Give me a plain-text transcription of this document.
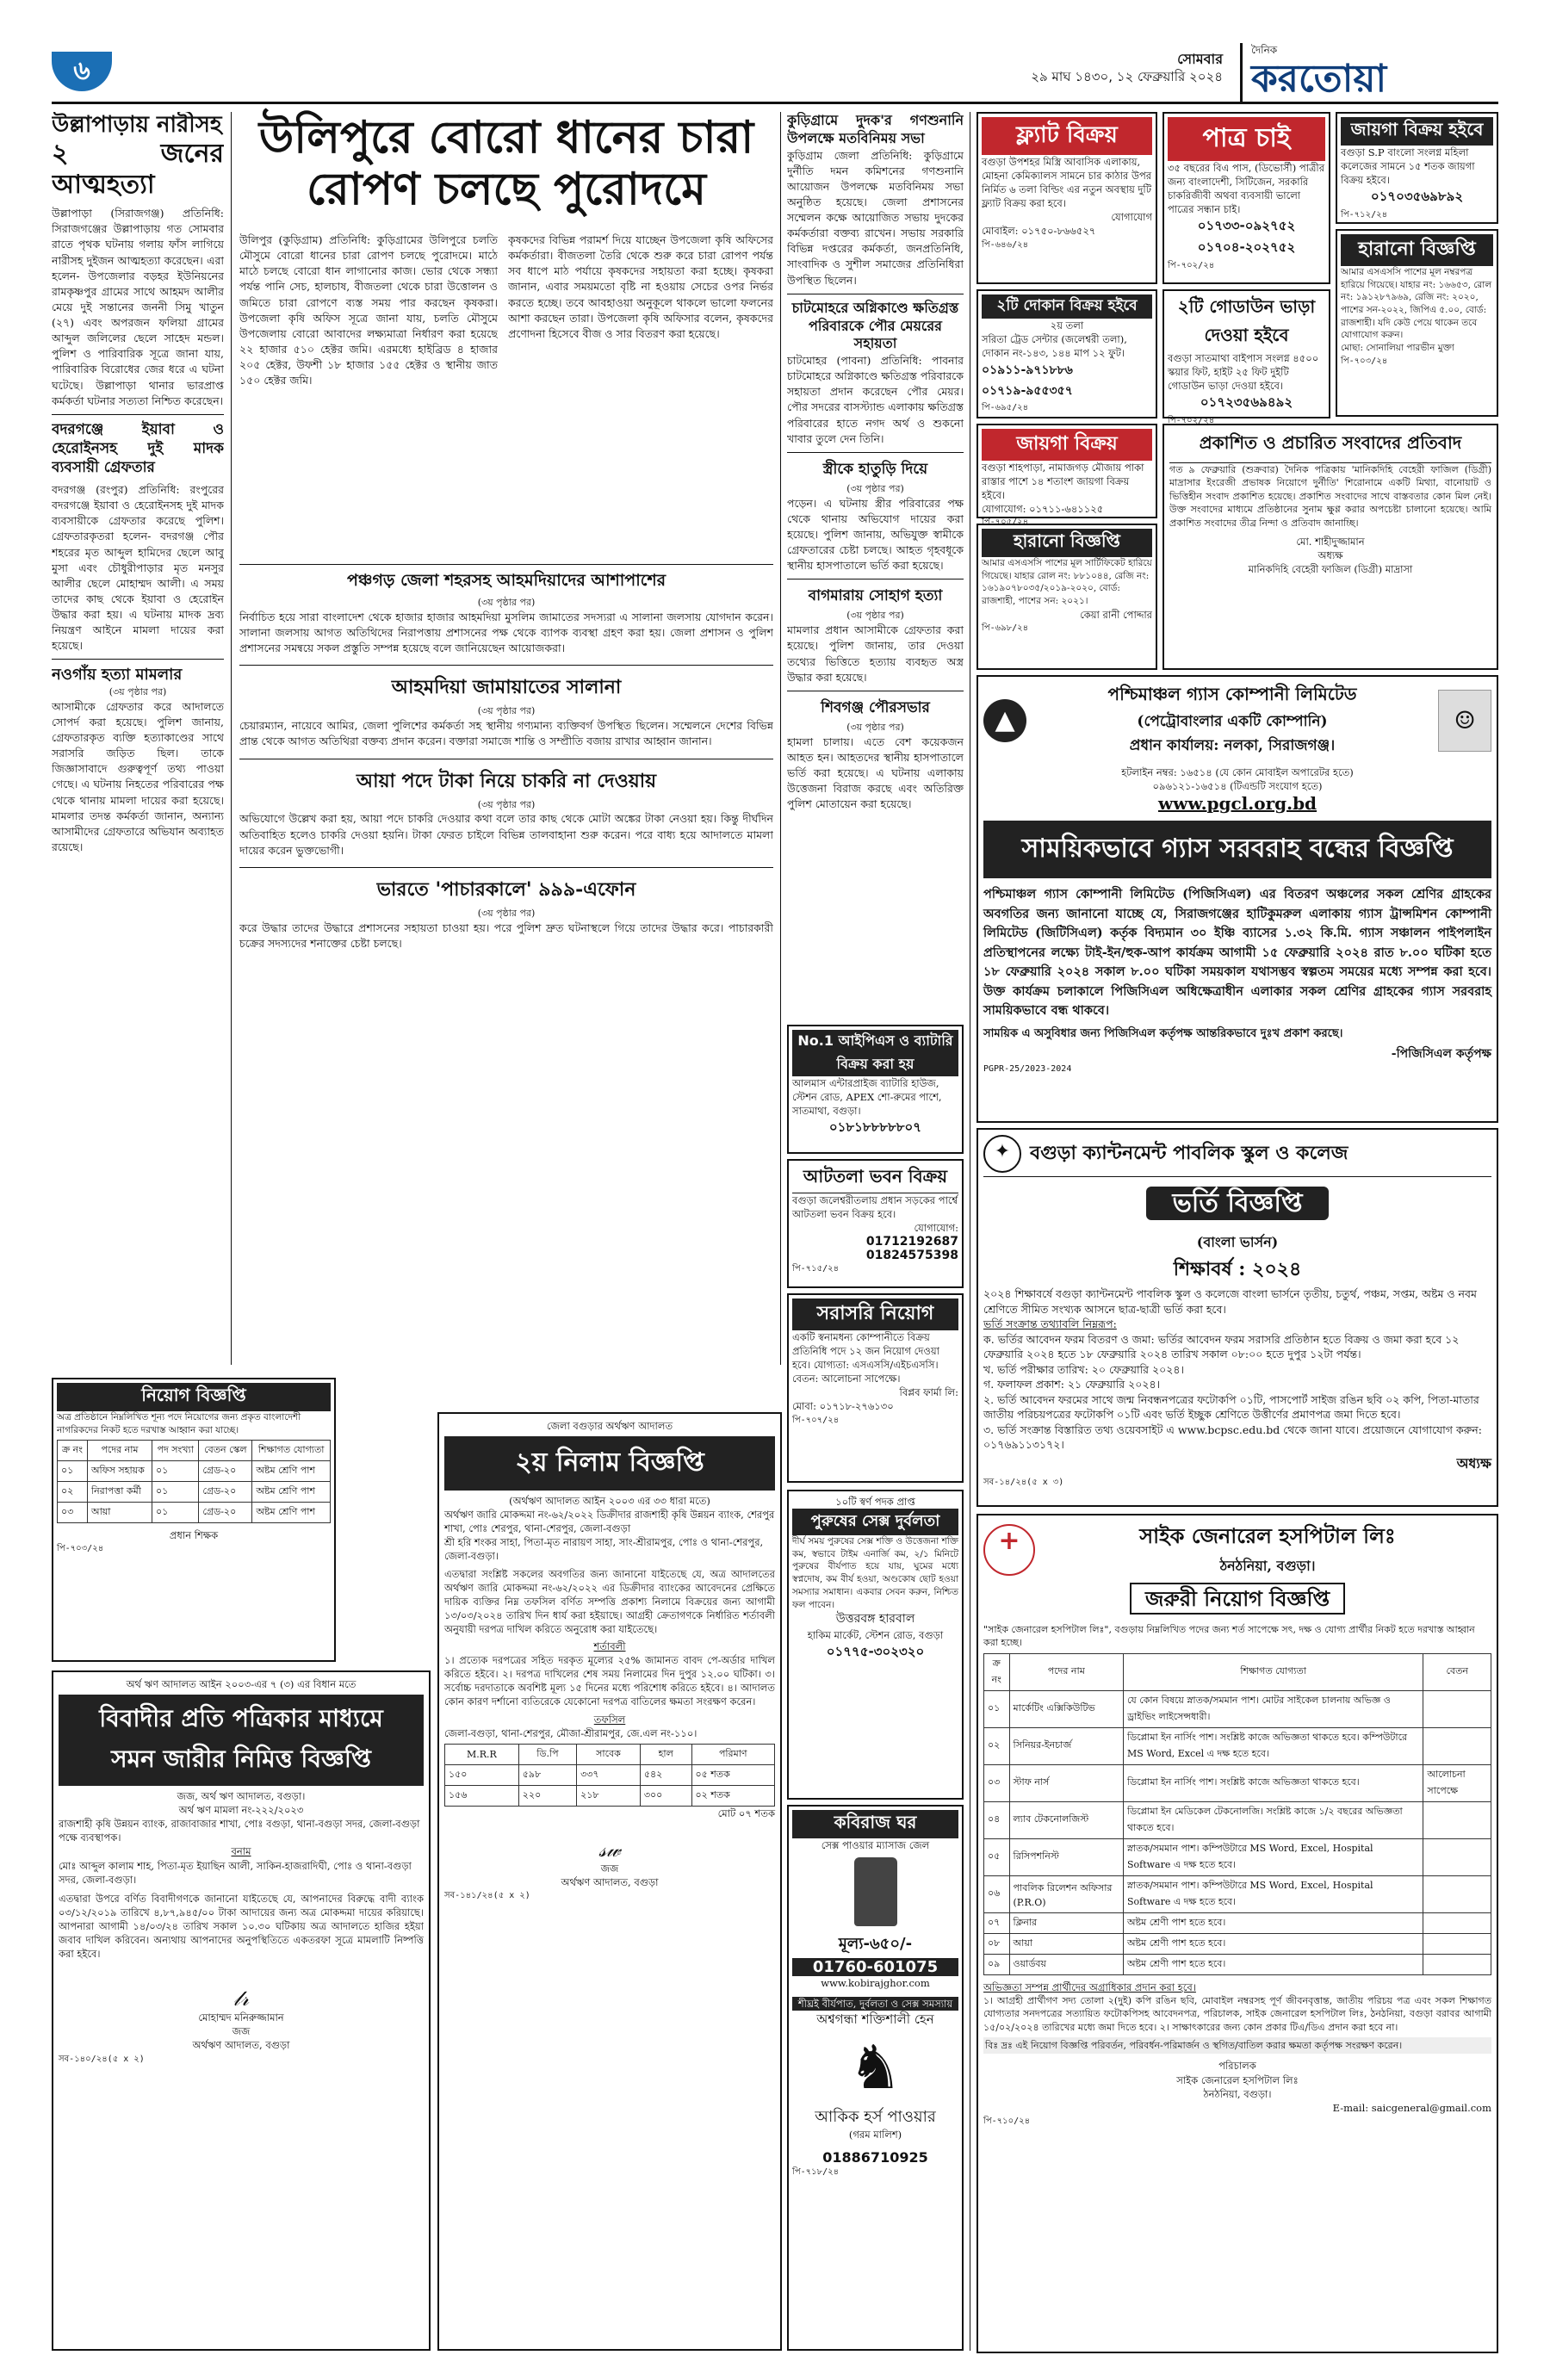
৬	সোমবার
২৯ মাঘ ১৪৩০, ১২ ফেব্রুয়ারি ২০২৪
দৈনিক
করতোয়া
উল্লাপাড়ায় নারীসহ
২ জনের আত্মহত্যা

উল্লাপাড়া (সিরাজগঞ্জ) প্রতিনিধি: সিরাজগঞ্জের উল্লাপাড়ায় গত সোমবার রাতে পৃথক ঘটনায় গলায় ফাঁস লাগিয়ে নারীসহ দুইজন আত্মহত্যা করেছেন। এরা হলেন- উপজেলার বড়হর ইউনিয়নের রামকৃষ্ণপুর গ্রামের সাথে আহমদ আলীর মেয়ে দুই সন্তানের জননী সিমু খাতুন (২৭) এবং অপরজন ফলিয়া গ্রামের আব্দুল জলিলের ছেলে সাহেদ মন্ডল। পুলিশ ও পারিবারিক সূত্রে জানা যায়, পারিবারিক বিরোধের জের ধরে এ ঘটনা ঘটেছে। উল্লাপাড়া থানার ভারপ্রাপ্ত কর্মকর্তা ঘটনার সত্যতা নিশ্চিত করেছেন।

বদরগঞ্জে ইয়াবা ও হেরোইনসহ দুই মাদক ব্যবসায়ী গ্রেফতার

বদরগঞ্জ (রংপুর) প্রতিনিধি: রংপুরের বদরগঞ্জে ইয়াবা ও হেরোইনসহ দুই মাদক ব্যবসায়ীকে গ্রেফতার করেছে পুলিশ। গ্রেফতারকৃতরা হলেন- বদরগঞ্জ পৌর শহরের মৃত আব্দুল হামিদের ছেলে আবু মুসা এবং চৌধুরীপাড়ার মৃত মনসুর আলীর ছেলে মোহাম্মদ আলী। এ সময় তাদের কাছ থেকে ইয়াবা ও হেরোইন উদ্ধার করা হয়। এ ঘটনায় মাদক দ্রব্য নিয়ন্ত্রণ আইনে মামলা দায়ের করা হয়েছে।

নওগাঁয় হত্যা মামলার
(৩য় পৃষ্ঠার পর)

আসামীকে গ্রেফতার করে আদালতে সোপর্দ করা হয়েছে। পুলিশ জানায়, গ্রেফতারকৃত ব্যক্তি হত্যাকাণ্ডের সাথে সরাসরি জড়িত ছিল। তাকে জিজ্ঞাসাবাদে গুরুত্বপূর্ণ তথ্য পাওয়া গেছে। এ ঘটনায় নিহতের পরিবারের পক্ষ থেকে থানায় মামলা দায়ের করা হয়েছে। মামলার তদন্ত কর্মকর্তা জানান, অন্যান্য আসামীদের গ্রেফতারে অভিযান অব্যাহত রয়েছে।

উলিপুরে বোরো ধানের চারা
রোপণ চলছে পুরোদমে

উলিপুর (কুড়িগ্রাম) প্রতিনিধি: কুড়িগ্রামের উলিপুরে চলতি মৌসুমে বোরো ধানের চারা রোপণ চলছে পুরোদমে। মাঠে মাঠে চলছে বোরো ধান লাগানোর কাজ। ভোর থেকে সন্ধ্যা পর্যন্ত পানি সেচ, হালচাষ, বীজতলা থেকে চারা উত্তোলন ও জমিতে চারা রোপণে ব্যস্ত সময় পার করছেন কৃষকরা। উপজেলা কৃষি অফিস সূত্রে জানা যায়, চলতি মৌসুমে উপজেলায় বোরো আবাদের লক্ষ্যমাত্রা নির্ধারণ করা হয়েছে ২২ হাজার ৫১০ হেক্টর জমি। এরমধ্যে হাইব্রিড ৪ হাজার ২০৫ হেক্টর, উফশী ১৮ হাজার ১৫৫ হেক্টর ও স্থানীয় জাত ১৫০ হেক্টর জমি।

কৃষকদের বিভিন্ন পরামর্শ দিয়ে যাচ্ছেন উপজেলা কৃষি অফিসের কর্মকর্তারা। বীজতলা তৈরি থেকে শুরু করে চারা রোপণ পর্যন্ত সব ধাপে মাঠ পর্যায়ে কৃষকদের সহায়তা করা হচ্ছে। কৃষকরা জানান, এবার সময়মতো বৃষ্টি না হওয়ায় সেচের ওপর নির্ভর করতে হচ্ছে। তবে আবহাওয়া অনুকূলে থাকলে ভালো ফলনের আশা করছেন তারা। উপজেলা কৃষি অফিসার বলেন, কৃষকদের প্রণোদনা হিসেবে বীজ ও সার বিতরণ করা হয়েছে।

পঞ্চগড় জেলা শহরসহ আহমদিয়াদের আশাপাশের
(৩য় পৃষ্ঠার পর)

নির্বাচিত হয়ে সারা বাংলাদেশ থেকে হাজার হাজার আহমদিয়া মুসলিম জামাতের সদস্যরা এ সালানা জলসায় যোগদান করেন। সালানা জলসায় আগত অতিথিদের নিরাপত্তায় প্রশাসনের পক্ষ থেকে ব্যাপক ব্যবস্থা গ্রহণ করা হয়। জেলা প্রশাসন ও পুলিশ প্রশাসনের সমন্বয়ে সকল প্রস্তুতি সম্পন্ন হয়েছে বলে জানিয়েছেন আয়োজকরা।

আহমদিয়া জামায়াতের সালানা
(৩য় পৃষ্ঠার পর)

চেয়ারম্যান, নায়েবে আমির, জেলা পুলিশের কর্মকর্তা সহ স্থানীয় গণ্যমান্য ব্যক্তিবর্গ উপস্থিত ছিলেন। সম্মেলনে দেশের বিভিন্ন প্রান্ত থেকে আগত অতিথিরা বক্তব্য প্রদান করেন। বক্তারা সমাজে শান্তি ও সম্প্রীতি বজায় রাখার আহ্বান জানান।

আয়া পদে টাকা নিয়ে চাকরি না দেওয়ায়
(৩য় পৃষ্ঠার পর)

অভিযোগে উল্লেখ করা হয়, আয়া পদে চাকরি দেওয়ার কথা বলে তার কাছ থেকে মোটা অঙ্কের টাকা নেওয়া হয়। কিন্তু দীর্ঘদিন অতিবাহিত হলেও চাকরি দেওয়া হয়নি। টাকা ফেরত চাইলে বিভিন্ন তালবাহানা শুরু করেন। পরে বাধ্য হয়ে আদালতে মামলা দায়ের করেন ভুক্তভোগী।

ভারতে 'পাচারকালে' ৯৯৯-এফোন
(৩য় পৃষ্ঠার পর)

করে উদ্ধার তাদের উদ্ধারে প্রশাসনের সহায়তা চাওয়া হয়। পরে পুলিশ দ্রুত ঘটনাস্থলে গিয়ে তাদের উদ্ধার করে। পাচারকারী চক্রের সদস্যদের শনাক্তের চেষ্টা চলছে।

কুড়িগ্রামে দুদক'র গণশুনানি উপলক্ষে মতবিনিময় সভা

কুড়িগ্রাম জেলা প্রতিনিধি: কুড়িগ্রামে দুর্নীতি দমন কমিশনের গণশুনানি আয়োজন উপলক্ষে মতবিনিময় সভা অনুষ্ঠিত হয়েছে। জেলা প্রশাসনের সম্মেলন কক্ষে আয়োজিত সভায় দুদকের কর্মকর্তারা বক্তব্য রাখেন। সভায় সরকারি বিভিন্ন দপ্তরের কর্মকর্তা, জনপ্রতিনিধি, সাংবাদিক ও সুশীল সমাজের প্রতিনিধিরা উপস্থিত ছিলেন।

চাটমোহরে অগ্নিকাণ্ডে ক্ষতিগ্রস্ত পরিবারকে পৌর মেয়রের সহায়তা

চাটমোহর (পাবনা) প্রতিনিধি: পাবনার চাটমোহরে অগ্নিকাণ্ডে ক্ষতিগ্রস্ত পরিবারকে সহায়তা প্রদান করেছেন পৌর মেয়র। পৌর সদরের বাসস্ট্যান্ড এলাকায় ক্ষতিগ্রস্ত পরিবারের হাতে নগদ অর্থ ও শুকনো খাবার তুলে দেন তিনি।

স্ত্রীকে হাতুড়ি দিয়ে
(৩য় পৃষ্ঠার পর)

পড়েন। এ ঘটনায় স্ত্রীর পরিবারের পক্ষ থেকে থানায় অভিযোগ দায়ের করা হয়েছে। পুলিশ জানায়, অভিযুক্ত স্বামীকে গ্রেফতারের চেষ্টা চলছে। আহত গৃহবধূকে স্থানীয় হাসপাতালে ভর্তি করা হয়েছে।

বাগমারায় সোহাগ হত্যা
(৩য় পৃষ্ঠার পর)

মামলার প্রধান আসামীকে গ্রেফতার করা হয়েছে। পুলিশ জানায়, তার দেওয়া তথ্যের ভিত্তিতে হত্যায় ব্যবহৃত অস্ত্র উদ্ধার করা হয়েছে।

শিবগঞ্জ পৌরসভার
(৩য় পৃষ্ঠার পর)

হামলা চালায়। এতে বেশ কয়েকজন আহত হন। আহতদের স্থানীয় হাসপাতালে ভর্তি করা হয়েছে। এ ঘটনায় এলাকায় উত্তেজনা বিরাজ করছে এবং অতিরিক্ত পুলিশ মোতায়েন করা হয়েছে।

ফ্ল্যাট বিক্রয়
বগুড়া উপশহর মিস্ত্রি আবাসিক এলাকায়, মোহনা কেমিক্যালস সামনে চার কাঠার উপর নির্মিত ৬ তলা বিল্ডিং এর নতুন অবস্থায় দুটি ফ্ল্যাট বিক্রয় করা হবে।
যোগাযোগ
মোবাইল: ০১৭৫০-৮৬৬৫২৭
পি-৬৪৬/২৪
পাত্র চাই
৩৫ বছরের বিএ পাস, (ডিভোর্সী) পাত্রীর জন্য বাংলাদেশী, সিটিজেন, সরকারি চাকরিজীবী অথবা ব্যবসায়ী ভালো পাত্রের সন্ধান চাই।
০১৭৩৩-০৯২৭৫২
০১৭০৪-২০২৭৫২
পি-৭০২/২৪
জায়গা বিক্রয় হইবে
বগুড়া S.P বাংলো সংলগ্ন মহিলা কলেজের সামনে ১৫ শতক জায়গা বিক্রয় হইবে।
০১৭০৩৫৬৯৮৯২
পি-৭১২/২৪
হারানো বিজ্ঞপ্তি
আমার এসএসসি পাশের মূল নম্বরপত্র হারিয়ে গিয়েছে। যাহার নং: ১৬৬৫৩, রোল নং: ১৯১২৮৭৯৬৯, রেজি নং: ২০২০, পাশের সন-২০২২, জিপিএ ৫.০০, বোর্ড: রাজশাহী। যদি কেউ পেয়ে থাকেন তবে যোগাযোগ করুন।
মোছা: সোনালিয়া পারভীন মুক্তা
পি-৭০৩/২৪
২টি দোকান বিক্রয় হইবে
২য় তলা
সরিতা ট্রেড সেন্টার (জলেশ্বরী তলা), দোকান নং-১৪৩, ১৪৪ মাপ ১২ ফুট।
০১৯১১-৯৭১৮৮৬
০১৭১৯-৯৫৫৩৫৭
পি-৬৯৫/২৪
২টি গোডাউন ভাড়া দেওয়া হইবে
বগুড়া সাতমাথা বাইপাস সংলগ্ন ৪৫০০ স্কয়ার ফিট, হাইট ২৫ ফিট দুইটি গোডাউন ভাড়া দেওয়া হইবে।
০১৭২৩৫৬৯৪৯২
পি-৭০২/২৪
জায়গা বিক্রয়
বগুড়া শাহপাড়া, নামাজগড় মৌজায় পাকা রাস্তার পাশে ১৪ শতাংশ জায়গা বিক্রয় হইবে।
যোগাযোগ: ০১৭১১-৬৪১১২৫
পি-৭০৫/২৪
হারানো বিজ্ঞপ্তি
আমার এসএসসি পাশের মূল সার্টিফিকেট হারিয়ে গিয়েছে। যাহার রোল নং: ৮৮১০৪৪, রেজি নং: ১৬১৯০৭৮০৩৫/২০১৯-২০২০, বোর্ড: রাজশাহী, পাশের সন: ২০২১।
কেয়া রানী পোদ্দার
পি-৬৯৮/২৪
প্রকাশিত ও প্রচারিত সংবাদের প্রতিবাদ
গত ৯ ফেব্রুয়ারি (শুক্রবার) দৈনিক পত্রিকায় 'মানিকদিহি বেহেরী ফাজিল (ডিগ্রী) মাদ্রাসার ইংরেজী প্রভাষক নিয়োগে দুর্নীতি' শিরোনামে একটি মিথ্যা, বানোয়াট ও ভিত্তিহীন সংবাদ প্রকাশিত হয়েছে। প্রকাশিত সংবাদের সাথে বাস্তবতার কোন মিল নেই। উক্ত সংবাদের মাধ্যমে প্রতিষ্ঠানের সুনাম ক্ষুণ্ণ করার অপচেষ্টা চালানো হয়েছে। আমি প্রকাশিত সংবাদের তীব্র নিন্দা ও প্রতিবাদ জানাচ্ছি।
মো. শাহীদুজ্জামান
অধ্যক্ষ
মানিকদিহি বেহেরী ফাজিল (ডিগ্রী) মাদ্রাসা
▲
পশ্চিমাঞ্চল গ্যাস কোম্পানী লিমিটেড
(পেট্রোবাংলার একটি কোম্পানি)
প্রধান কার্যালয়: নলকা, সিরাজগঞ্জ।
☺
হটলাইন নম্বর: ১৬৫১৪ (যে কোন মোবাইল অপারেটর হতে)
০৯৬১২১-১৬৫১৪ (টিএন্ডটি সংযোগ হতে)
www.pgcl.org.bd
সাময়িকভাবে গ্যাস সরবরাহ বন্ধের বিজ্ঞপ্তি
পশ্চিমাঞ্চল গ্যাস কোম্পানী লিমিটেড (পিজিসিএল) এর বিতরণ অঞ্চলের সকল শ্রেণির গ্রাহকের অবগতির জন্য জানানো যাচ্ছে যে, সিরাজগঞ্জের হাটিকুমরুল এলাকায় গ্যাস ট্রান্সমিশন কোম্পানী লিমিটেড (জিটিসিএল) কর্তৃক বিদ্যমান ৩০ ইঞ্চি ব্যাসের ১.৩২ কি.মি. গ্যাস সঞ্চালন পাইপলাইন প্রতিস্থাপনের লক্ষ্যে টাই-ইন/হুক-আপ কার্যক্রম আগামী ১৫ ফেব্রুয়ারি ২০২৪ রাত ৮.০০ ঘটিকা হতে ১৮ ফেব্রুয়ারি ২০২৪ সকাল ৮.০০ ঘটিকা সময়কাল যথাসম্ভব স্বল্পতম সময়ের মধ্যে সম্পন্ন করা হবে। উক্ত কার্যক্রম চলাকালে পিজিসিএল অধিক্ষেত্রাধীন এলাকার সকল শ্রেণির গ্রাহকের গ্যাস সরবরাহ সাময়িকভাবে বন্ধ থাকবে।
সাময়িক এ অসুবিধার জন্য পিজিসিএল কর্তৃপক্ষ আন্তরিকভাবে দুঃখ প্রকাশ করছে।
-পিজিসিএল কর্তৃপক্ষ
PGPR-25/2023-2024
No.1 আইপিএস ও ব্যাটারি বিক্রয় করা হয়
আলমাস এন্টারপ্রাইজ ব্যাটারি হাউজ, স্টেশন রোড, APEX শো-রুমের পাশে, সাতমাথা, বগুড়া।
০১৮১৮৮৮৮৮০৭
আটতলা ভবন বিক্রয়
বগুড়া জলেশ্বরীতলায় প্রধান সড়কের পার্শ্বে আটতলা ভবন বিক্রয় হবে।
যোগাযোগ:
01712192687
01824575398
পি-৭১৫/২৪
সরাসরি নিয়োগ
একটি স্বনামধন্য কোম্পানীতে বিক্রয় প্রতিনিধি পদে ১২ জন নিয়োগ দেওয়া হবে। যোগ্যতা: এসএসসি/এইচএসসি। বেতন: আলোচনা সাপেক্ষে।
বিপ্লব ফার্মা লি:
মোবা: ০১৭১৮-২৭৬১৩০
পি-৭০৭/২৪
✦	বগুড়া ক্যান্টনমেন্ট পাবলিক স্কুল ও কলেজ
ভর্তি বিজ্ঞপ্তি
(বাংলা ভার্সন)
শিক্ষাবর্ষ : ২০২৪
২০২৪ শিক্ষাবর্ষে বগুড়া ক্যান্টনমেন্ট পাবলিক স্কুল ও কলেজে বাংলা ভার্সনে তৃতীয়, চতুর্থ, পঞ্চম, সপ্তম, অষ্টম ও নবম শ্রেণিতে সীমিত সংখ্যক আসনে ছাত্র-ছাত্রী ভর্তি করা হবে।
ভর্তি সংক্রান্ত তথ্যাবলি নিম্নরূপ:
ক. ভর্তির আবেদন ফরম বিতরণ ও জমা: ভর্তির আবেদন ফরম সরাসরি প্রতিষ্ঠান হতে বিক্রয় ও জমা করা হবে ১২ ফেব্রুয়ারি ২০২৪ হতে ১৮ ফেব্রুয়ারি ২০২৪ তারিখ সকাল ০৮:০০ হতে দুপুর ১২টা পর্যন্ত।
খ. ভর্তি পরীক্ষার তারিখ: ২০ ফেব্রুয়ারি ২০২৪।
গ. ফলাফল প্রকাশ: ২১ ফেব্রুয়ারি ২০২৪।
২. ভর্তি আবেদন ফরমের সাথে জন্ম নিবন্ধনপত্রের ফটোকপি ০১টি, পাসপোর্ট সাইজ রঙিন ছবি ০২ কপি, পিতা-মাতার জাতীয় পরিচয়পত্রের ফটোকপি ০১টি এবং ভর্তি ইচ্ছুক শ্রেণিতে উত্তীর্ণের প্রমাণপত্র জমা দিতে হবে।
৩. ভর্তি সংক্রান্ত বিস্তারিত তথ্য ওয়েবসাইট এ www.bcpsc.edu.bd থেকে জানা যাবে। প্রয়োজনে যোগাযোগ করুন: ০১৭৬৯১১৩১৭২।
অধ্যক্ষ
সব-১৪/২৪(৫ x ৩)
+	সাইক জেনারেল হসপিটাল লিঃ
ঠনঠনিয়া, বগুড়া।
জরুরী নিয়োগ বিজ্ঞপ্তি
"সাইক জেনারেল হসপিটাল লিঃ", বগুড়ায় নিম্নলিখিত পদের জন্য শর্ত সাপেক্ষে সৎ, দক্ষ ও যোগ্য প্রার্থীর নিকট হতে দরখাস্ত আহ্বান করা হচ্ছে।
ক্র নং	পদের নাম	শিক্ষাগত যোগ্যতা	বেতন
০১	মার্কেটিং এক্সিকিউটিভ	যে কোন বিষয়ে স্নাতক/সমমান পাশ। মোটর সাইকেল চালনায় অভিজ্ঞ ও ড্রাইভিং লাইসেন্সধারী।	
০২	সিনিয়র-ইনচার্জ	ডিপ্লোমা ইন নার্সিং পাশ। সংশ্লিষ্ট কাজে অভিজ্ঞতা থাকতে হবে। কম্পিউটারে MS Word, Excel এ দক্ষ হতে হবে।	
০৩	স্টাফ নার্স	ডিপ্লোমা ইন নার্সিং পাশ। সংশ্লিষ্ট কাজে অভিজ্ঞতা থাকতে হবে।	আলোচনা সাপেক্ষে
০৪	ল্যাব টেকনোলজিস্ট	ডিপ্লোমা ইন মেডিকেল টেকনোলজি। সংশ্লিষ্ট কাজে ১/২ বছরের অভিজ্ঞতা থাকতে হবে।	
০৫	রিসিপশনিস্ট	স্নাতক/সমমান পাশ। কম্পিউটারে MS Word, Excel, Hospital Software এ দক্ষ হতে হবে।	
০৬	পাবলিক রিলেশন অফিসার (P.R.O)	স্নাতক/সমমান পাশ। কম্পিউটারে MS Word, Excel, Hospital Software এ দক্ষ হতে হবে।	
০৭	ক্লিনার	অষ্টম শ্রেণী পাশ হতে হবে।	
০৮	আয়া	অষ্টম শ্রেণী পাশ হতে হবে।	
০৯	ওয়ার্ডবয়	অষ্টম শ্রেণী পাশ হতে হবে।	
অভিজ্ঞতা সম্পন্ন প্রার্থীদের অগ্রাধিকার প্রদান করা হবে।
১। আগ্রহী প্রার্থীগণ সদ্য তোলা ২(দুই) কপি রঙিন ছবি, মোবাইল নম্বরসহ পূর্ণ জীবনবৃত্তান্ত, জাতীয় পরিচয় পত্র এবং সকল শিক্ষাগত যোগ্যতার সনদপত্রের সত্যায়িত ফটোকপিসহ আবেদনপত্র, পরিচালক, সাইক জেনারেল হসপিটাল লিঃ, ঠনঠনিয়া, বগুড়া বরাবর আগামী ১৫/০২/২০২৪ তারিখের মধ্যে জমা দিতে হবে। ২। সাক্ষাৎকারের জন্য কোন প্রকার টিএ/ডিএ প্রদান করা হবে না।
বিঃ দ্রঃ এই নিয়োগ বিজ্ঞপ্তি পরিবর্তন, পরিবর্ধন-পরিমার্জন ও স্থগিত/বাতিল করার ক্ষমতা কর্তৃপক্ষ সংরক্ষণ করেন।
পরিচালক
সাইক জেনারেল হসপিটাল লিঃ
ঠনঠনিয়া, বগুড়া।
E-mail: saicgeneral@gmail.com
পি-৭১০/২৪
নিয়োগ বিজ্ঞপ্তি
অত্র প্রতিষ্ঠানে নিম্নলিখিত শূন্য পদে নিয়োগের জন্য প্রকৃত বাংলাদেশী নাগরিকদের নিকট হতে দরখাস্ত আহ্বান করা যাচ্ছে।
ক্র নং	পদের নাম	পদ সংখ্যা	বেতন স্কেল	শিক্ষাগত যোগ্যতা
০১	অফিস সহায়ক	০১	গ্রেড-২০	অষ্টম শ্রেণি পাশ
০২	নিরাপত্তা কর্মী	০১	গ্রেড-২০	অষ্টম শ্রেণি পাশ
০৩	আয়া	০১	গ্রেড-২০	অষ্টম শ্রেণি পাশ
প্রধান শিক্ষক
পি-৭০৩/২৪
অর্থ ঋণ আদালত আইন ২০০৩-এর ৭ (৩) এর বিধান মতে
বিবাদীর প্রতি পত্রিকার মাধ্যমে
সমন জারীর নিমিত্ত বিজ্ঞপ্তি
জজ, অর্থ ঋণ আদালত, বগুড়া।
অর্থ ঋণ মামলা নং-২২২/২০২৩
রাজশাহী কৃষি উন্নয়ন ব্যাংক, রাজাবাজার শাখা, পোঃ বগুড়া, থানা-বগুড়া সদর, জেলা-বগুড়া পক্ষে ব্যবস্থাপক।
বনাম
মোঃ আব্দুল কালাম শাহ, পিতা-মৃত ইয়াছিন আলী, সাকিন-হাজরাদিঘী, পোঃ ও থানা-বগুড়া সদর, জেলা-বগুড়া।
এতদ্বারা উপরে বর্ণিত বিবাদীগণকে জানানো যাইতেছে যে, আপনাদের বিরুদ্ধে বাদী ব্যাংক ০৩/১২/২০১৯ তারিখে ৪,৮৭,৯৪৫/০০ টাকা আদায়ের জন্য অত্র মোকদ্দমা দায়ের করিয়াছে। আপনারা আগামী ১৪/০৩/২৪ তারিখ সকাল ১০.৩০ ঘটিকায় অত্র আদালতে হাজির হইয়া জবাব দাখিল করিবেন। অন্যথায় আপনাদের অনুপস্থিতিতে একতরফা সূত্রে মামলাটি নিষ্পত্তি করা হইবে।
𝓁𝓇
মোহাম্মদ মনিরুজ্জামান
জজ
অর্থঋণ আদালত, বগুড়া
সব-১৪০/২৪(৫ x ২)
জেলা বগুড়ার অর্থঋণ আদালত
২য় নিলাম বিজ্ঞপ্তি
(অর্থঋণ আদালত আইন ২০০৩ এর ৩৩ ধারা মতে)
অর্থঋণ জারি মোকদ্দমা নং-৬২/২০২২ ডিক্রীদার রাজশাহী কৃষি উন্নয়ন ব্যাংক, শেরপুর শাখা, পোঃ শেরপুর, থানা-শেরপুর, জেলা-বগুড়া
শ্রী হরি শংকর সাহা, পিতা-মৃত নারায়ণ সাহা, সাং-শ্রীরামপুর, পোঃ ও থানা-শেরপুর, জেলা-বগুড়া।
এতদ্বারা সংশ্লিষ্ট সকলের অবগতির জন্য জানানো যাইতেছে যে, অত্র আদালতের অর্থঋণ জারি মোকদ্দমা নং-৬২/২০২২ এর ডিক্রীদার ব্যাংকের আবেদনের প্রেক্ষিতে দায়িক ব্যক্তির নিম্ন তফসিল বর্ণিত সম্পত্তি প্রকাশ্য নিলামে বিক্রয়ের জন্য আগামী ১৩/০৩/২০২৪ তারিখ দিন ধার্য করা হইয়াছে। আগ্রহী ক্রেতাগণকে নির্ধারিত শর্তাবলী অনুযায়ী দরপত্র দাখিল করিতে অনুরোধ করা যাইতেছে।
শর্তাবলী
১। প্রত্যেক দরপত্রের সহিত দরকৃত মূল্যের ২৫% জামানত বাবদ পে-অর্ডার দাখিল করিতে হইবে। ২। দরপত্র দাখিলের শেষ সময় নিলামের দিন দুপুর ১২.০০ ঘটিকা। ৩। সর্বোচ্চ দরদাতাকে অবশিষ্ট মূল্য ১৫ দিনের মধ্যে পরিশোধ করিতে হইবে। ৪। আদালত কোন কারণ দর্শানো ব্যতিরেকে যেকোনো দরপত্র বাতিলের ক্ষমতা সংরক্ষণ করেন।
তফসিল
জেলা-বগুড়া, থানা-শেরপুর, মৌজা-শ্রীরামপুর, জে.এল নং-১১০।
M.R.R	ডি.পি	সাবেক	হাল	পরিমাণ
১৫০	৫৯৮	৩৩৭	৫৪২	০৫ শতক
১৫৬	২২০	২১৮	৩০০	০২ শতক
মোট ০৭ শতক
𝓈𝓌
জজ
অর্থঋণ আদালত, বগুড়া
সব-১৪১/২৪(৫ x ২)
১০টি স্বর্ণ পদক প্রাপ্ত
পুরুষের সেক্স দুর্বলতা
দীর্ঘ সময় পুরুষের সেক্স শক্তি ও উত্তেজনা শক্তি কম, স্বভাবে টাইম এনার্জি কম, ২/১ মিনিটে পুরুষের বীর্যপাত হয়ে যায়, ঘুমের মধ্যে স্বপ্নদোষ, কম বীর্য হওয়া, অণ্ডকোষ ছোট হওয়া সমস্যার সমাধান। একবার সেবন করুন, নিশ্চিত ফল পাবেন।
উত্তরবঙ্গ হারবাল
হাকিম মার্কেট, স্টেশন রোড, বগুড়া
০১৭৭৫-৩০২৩২০
কবিরাজ ঘর
সেক্স পাওয়ার ম্যাসাজ জেল
মূল্য-৬৫০/-
01760-601075
www.kobirajghor.com
শীঘ্রই বীর্যপাত, দুর্বলতা ও সেক্স সমস্যায়
অশ্বগন্ধা শক্তিশালী হেন
♞
আকিক হর্স পাওয়ার
(গরম মালিশ)
01886710925
পি-৭১৮/২৪
